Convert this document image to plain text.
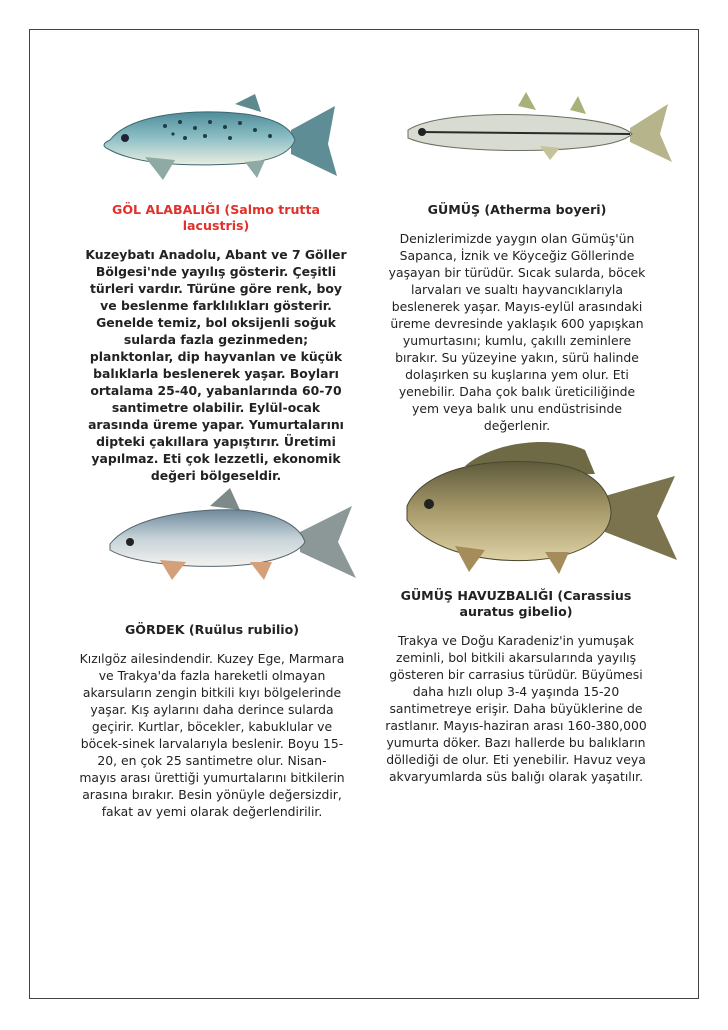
GÖL ALABALIĞI (Salmo trutta lacustris)

Kuzeybatı Anadolu, Abant ve 7 Göller Bölgesi'nde yayılış gösterir. Çeşitli türleri vardır. Türüne göre renk, boy ve beslenme farklılıkları gösterir. Genelde temiz, bol oksijenli soğuk sularda fazla gezinmeden; planktonlar, dip hayvanlan ve küçük balıklarla beslenerek yaşar. Boyları ortalama 25-40, yabanlarında 60-70 santimetre olabilir. Eylül-ocak arasında üreme yapar. Yumurtalarını dipteki çakıllara yapıştırır. Üretimi yapılmaz. Eti çok lezzetli, ekonomik değeri bölgeseldir.

GÜMÜŞ (Atherma boyeri)

Denizlerimizde yaygın olan Gümüş'ün Sapanca, İznik ve Köyceğiz Göllerinde yaşayan bir türüdür. Sıcak sularda, böcek larvaları ve sualtı hayvancıklarıyla beslenerek yaşar. Mayıs-eylül arasındaki üreme devresinde yaklaşık 600 yapışkan yumurtasını; kumlu, çakıllı zeminlere bırakır. Su yüzeyine yakın, sürü halinde dolaşırken su kuşlarına yem olur. Eti yenebilir. Daha çok balık üreticiliğinde yem veya balık unu endüstrisinde değerlenir.

GÖRDEK (Ruülus rubilio)

Kızılgöz ailesindendir. Kuzey Ege, Marmara ve Trakya'da fazla hareketli olmayan akarsuların zengin bitkili kıyı bölgelerinde yaşar. Kış aylarını daha derince sularda geçirir. Kurtlar, böcekler, kabuklular ve böcek-sinek larvalarıyla beslenir. Boyu 15-20, en çok 25 santimetre olur. Nisan-mayıs arası ürettiği yumurtalarını bitkilerin arasına bırakır. Besin yönüyle değersizdir, fakat av yemi olarak değerlendirilir.

GÜMÜŞ HAVUZBALIĞI (Carassius auratus gibelio)

Trakya ve Doğu Karadeniz'in yumuşak zeminli, bol bitkili akarsularında yayılış gösteren bir carrasius türüdür. Büyümesi daha hızlı olup 3-4 yaşında 15-20 santimetreye erişir. Daha büyüklerine de rastlanır. Mayıs-haziran arası 160-380,000 yumurta döker. Bazı hallerde bu balıkların döllediği de olur. Eti yenebilir. Havuz veya akvaryumlarda süs balığı olarak yaşatılır.
